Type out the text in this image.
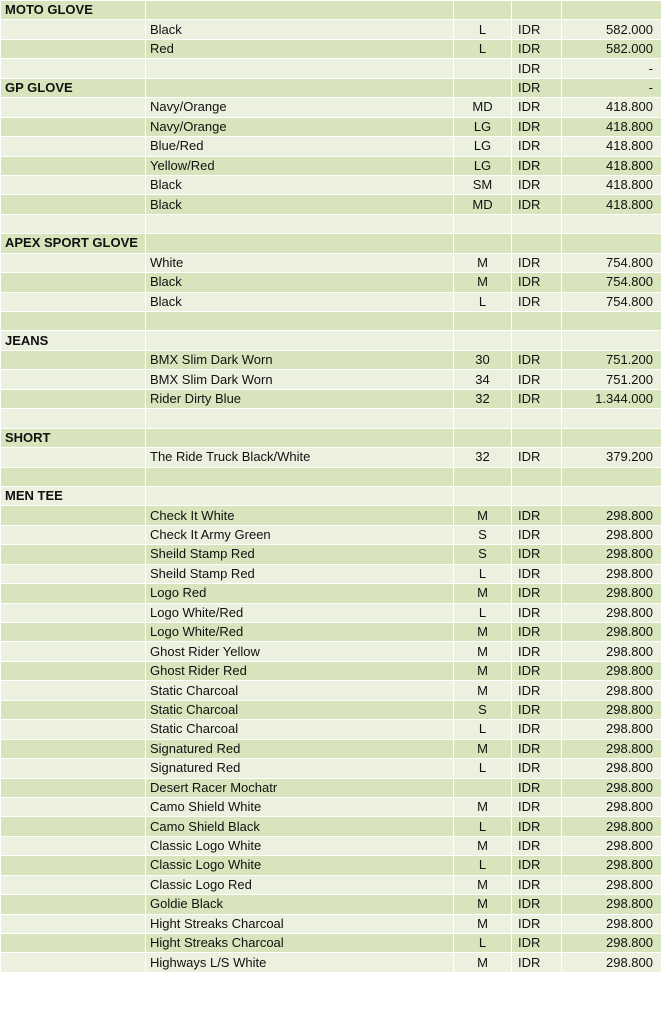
MOTO GLOVE				
	Black	L	IDR	582.000
	Red	L	IDR	582.000
			IDR	-
GP GLOVE			IDR	-
	Navy/Orange	MD	IDR	418.800
	Navy/Orange	LG	IDR	418.800
	Blue/Red	LG	IDR	418.800
	Yellow/Red	LG	IDR	418.800
	Black	SM	IDR	418.800
	Black	MD	IDR	418.800

APEX SPORT GLOVE				
	White	M	IDR	754.800
	Black	M	IDR	754.800
	Black	L	IDR	754.800

JEANS				
	BMX Slim Dark Worn	30	IDR	751.200
	BMX Slim Dark Worn	34	IDR	751.200
	Rider Dirty Blue	32	IDR	1.344.000

SHORT				
	The Ride Truck Black/White	32	IDR	379.200

MEN TEE				
	Check It White	M	IDR	298.800
	Check It Army Green	S	IDR	298.800
	Sheild Stamp Red	S	IDR	298.800
	Sheild Stamp Red	L	IDR	298.800
	Logo Red	M	IDR	298.800
	Logo White/Red	L	IDR	298.800
	Logo White/Red	M	IDR	298.800
	Ghost Rider Yellow	M	IDR	298.800
	Ghost Rider Red	M	IDR	298.800
	Static Charcoal	M	IDR	298.800
	Static Charcoal	S	IDR	298.800
	Static Charcoal	L	IDR	298.800
	Signatured Red	M	IDR	298.800
	Signatured Red	L	IDR	298.800
	Desert Racer Mochatr		IDR	298.800
	Camo Shield White	M	IDR	298.800
	Camo Shield Black	L	IDR	298.800
	Classic Logo White	M	IDR	298.800
	Classic Logo White	L	IDR	298.800
	Classic Logo Red	M	IDR	298.800
	Goldie Black	M	IDR	298.800
	Hight Streaks Charcoal	M	IDR	298.800
	Hight Streaks Charcoal	L	IDR	298.800
	Highways L/S White	M	IDR	298.800
